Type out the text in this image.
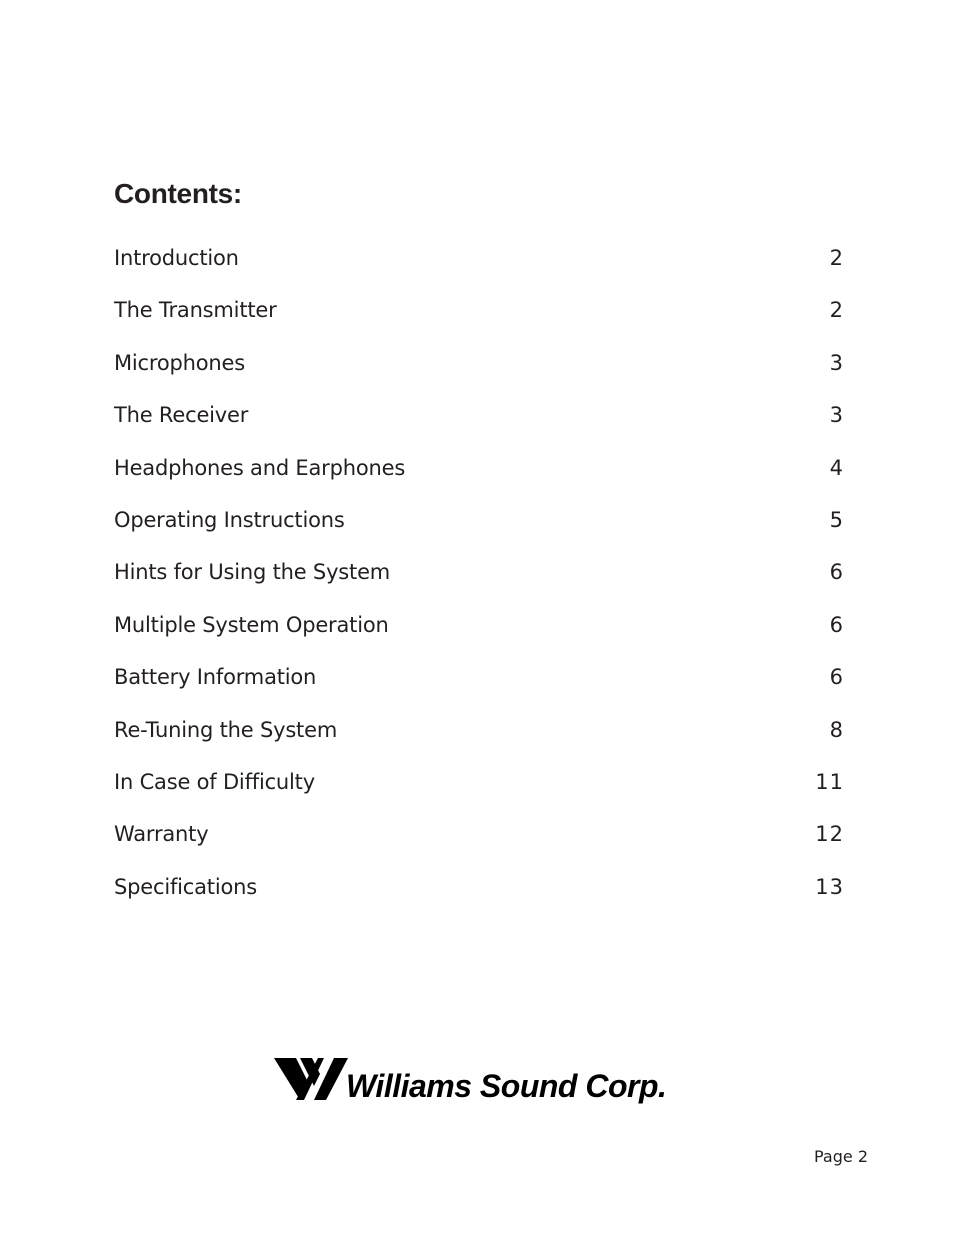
Contents:
Introduction	2
The Transmitter	2
Microphones	3
The Receiver	3
Headphones and Earphones	4
Operating Instructions	5
Hints for Using the System	6
Multiple System Operation	6
Battery Information	6
Re-Tuning the System	8
In Case of Difficulty	11
Warranty	12
Specifications	13
Williams Sound Corp.
Page 2
